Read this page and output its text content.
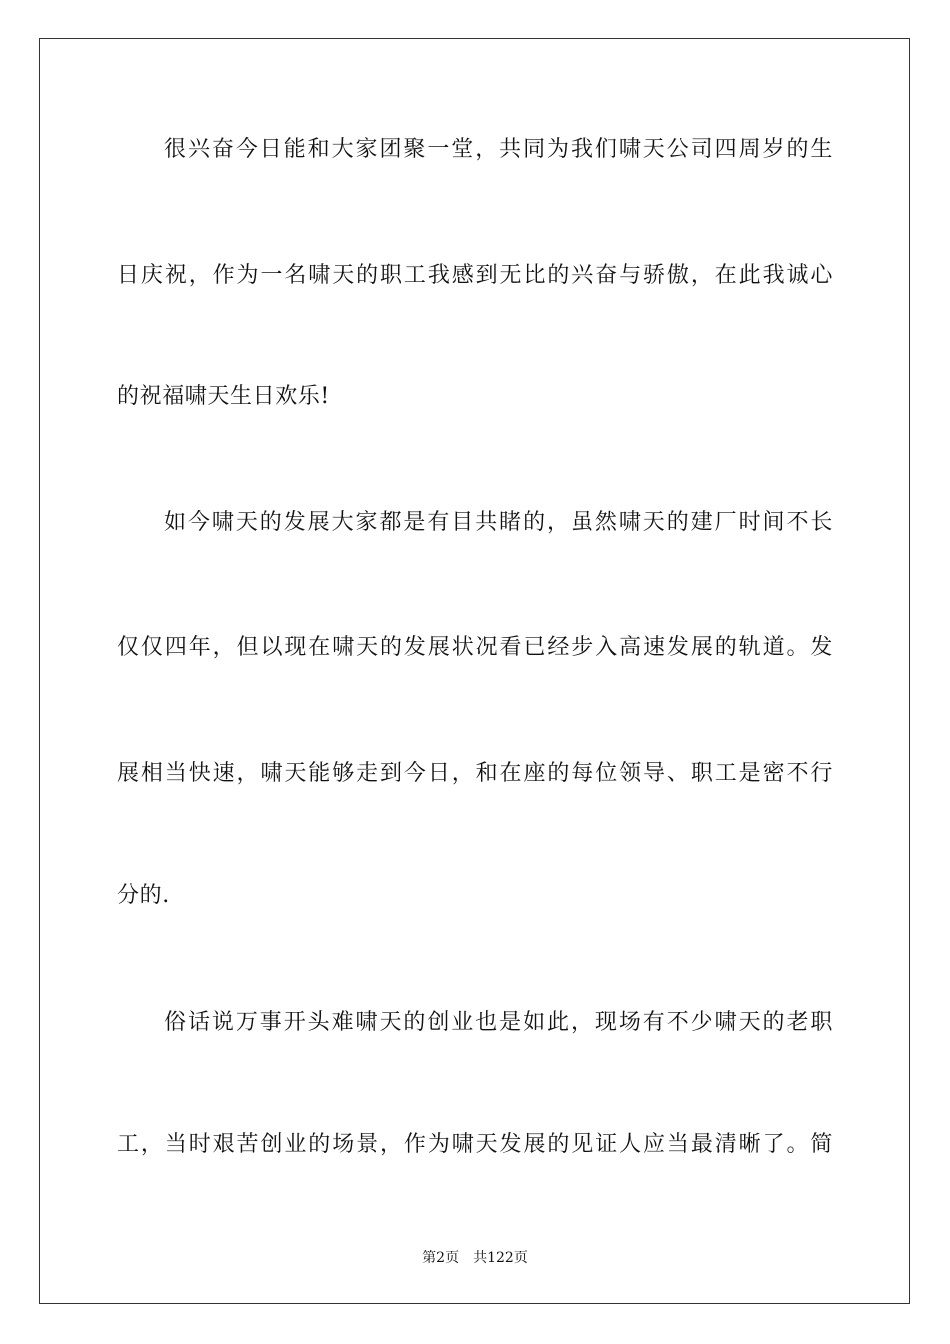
很兴奋今日能和大家团聚一堂，共同为我们啸天公司四周岁的生
日庆祝，作为一名啸天的职工我感到无比的兴奋与骄傲，在此我诚心
的祝福啸天生日欢乐!
如今啸天的发展大家都是有目共睹的，虽然啸天的建厂时间不长
仅仅四年，但以现在啸天的发展状况看已经步入高速发展的轨道。发
展相当快速，啸天能够走到今日，和在座的每位领导、职工是密不行
分的.
俗话说万事开头难啸天的创业也是如此，现场有不少啸天的老职
工，当时艰苦创业的场景，作为啸天发展的见证人应当最清晰了。简
第2页 共122页
